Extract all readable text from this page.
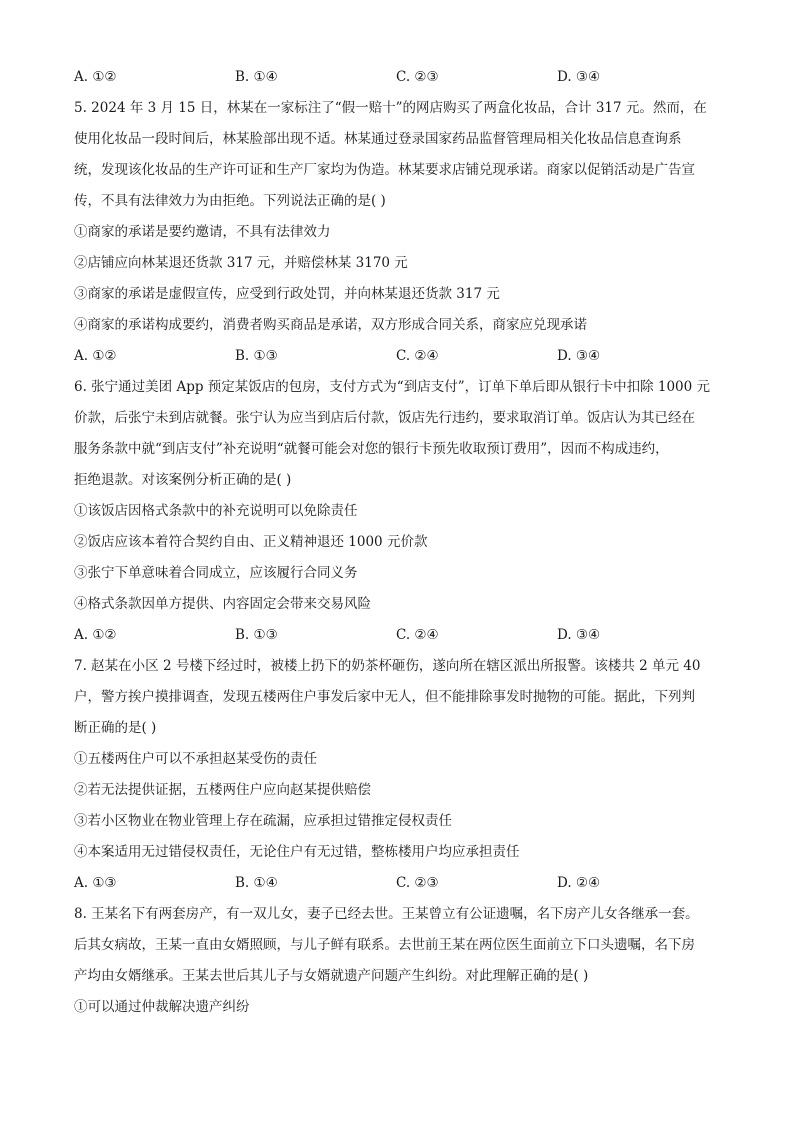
A. ①②	B. ①④	C. ②③	D. ③④
5. 2024 年 3 月 15 日，林某在一家标注了“假一赔十”的网店购买了两盒化妆品，合计 317 元。然而，在
使用化妆品一段时间后，林某脸部出现不适。林某通过登录国家药品监督管理局相关化妆品信息查询系
统，发现该化妆品的生产许可证和生产厂家均为伪造。林某要求店铺兑现承诺。商家以促销活动是广告宣
传，不具有法律效力为由拒绝。下列说法正确的是( )
①商家的承诺是要约邀请，不具有法律效力
②店铺应向林某退还货款 317 元，并赔偿林某 3170 元
③商家的承诺是虚假宣传，应受到行政处罚，并向林某退还货款 317 元
④商家的承诺构成要约，消费者购买商品是承诺，双方形成合同关系，商家应兑现承诺
A. ①②	B. ①③	C. ②④	D. ③④
6. 张宁通过美团 App 预定某饭店的包房，支付方式为“到店支付”，订单下单后即从银行卡中扣除 1000 元
价款，后张宁未到店就餐。张宁认为应当到店后付款，饭店先行违约，要求取消订单。饭店认为其已经在
服务条款中就“到店支付”补充说明“就餐可能会对您的银行卡预先收取预订费用”，因而不构成违约，
拒绝退款。对该案例分析正确的是( )
①该饭店因格式条款中的补充说明可以免除责任
②饭店应该本着符合契约自由、正义精神退还 1000 元价款
③张宁下单意味着合同成立，应该履行合同义务
④格式条款因单方提供、内容固定会带来交易风险
A. ①②	B. ①③	C. ②④	D. ③④
7. 赵某在小区 2 号楼下经过时，被楼上扔下的奶茶杯砸伤，遂向所在辖区派出所报警。该楼共 2 单元 40
户，警方挨户摸排调查，发现五楼两住户事发后家中无人，但不能排除事发时抛物的可能。据此，下列判
断正确的是( )
①五楼两住户可以不承担赵某受伤的责任
②若无法提供证据，五楼两住户应向赵某提供赔偿
③若小区物业在物业管理上存在疏漏，应承担过错推定侵权责任
④本案适用无过错侵权责任，无论住户有无过错，整栋楼用户均应承担责任
A. ①③	B. ①④	C. ②③	D. ②④
8. 王某名下有两套房产，有一双儿女，妻子已经去世。王某曾立有公证遗嘱，名下房产儿女各继承一套。
后其女病故，王某一直由女婿照顾，与儿子鲜有联系。去世前王某在两位医生面前立下口头遗嘱，名下房
产均由女婿继承。王某去世后其儿子与女婿就遗产问题产生纠纷。对此理解正确的是( )
①可以通过仲裁解决遗产纠纷
